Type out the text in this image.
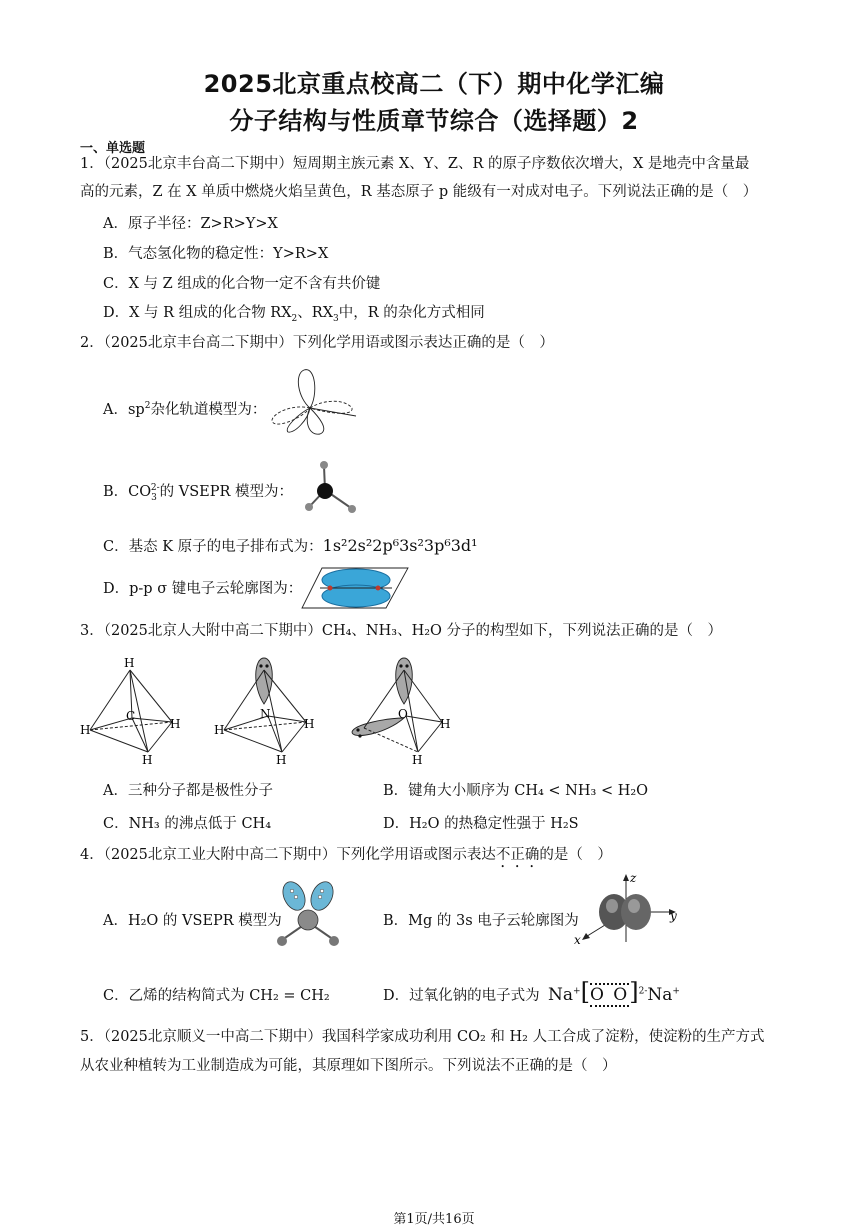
2025北京重点校高二（下）期中化学汇编
分子结构与性质章节综合（选择题）2
一、单选题
1．（2025北京丰台高二下期中）短周期主族元素 X、Y、Z、R 的原子序数依次增大，X 是地壳中含量最
高的元素，Z 在 X 单质中燃烧火焰呈黄色，R 基态原子 p 能级有一对成对电子。下列说法正确的是（　）
A．原子半径：Z>R>Y>X
B．气态氢化物的稳定性：Y>R>X
C．X 与 Z 组成的化合物一定不含有共价键
D．X 与 R 组成的化合物 $RX_2$、$RX_3$中，R 的杂化方式相同
2．（2025北京丰台高二下期中）下列化学用语或图示表达正确的是（　）
A．$sp^2$杂化轨道模型为：
B．$CO_3^{2-}$的 VSEPR 模型为：
C．基态 K 原子的电子排布式为：1s²2s²2p⁶3s²3p⁶3d¹
D．p-p σ 键电子云轮廓图为：
3．（2025北京人大附中高二下期中）CH₄、NH₃、H₂O 分子的构型如下，下列说法正确的是（　）
H
H	H
H
C
H	H
H
N
H
H
O
A．三种分子都是极性分子	B．键角大小顺序为 CH₄ < NH₃ < H₂O
C．NH₃ 的沸点低于 CH₄	D．H₂O 的热稳定性强于 H₂S
4．（2025北京工业大附中高二下期中）下列化学用语或图示表达不正确的是（　）
A．H₂O 的 VSEPR 模型为	B．Mg 的 3s 电子云轮廓图为
z
y
x
C．乙烯的结构简式为 CH₂ = CH₂	D．过氧化钠的电子式为 Na+[O O]$^{2-}$Na+
5．（2025北京顺义一中高二下期中）我国科学家成功利用 CO₂ 和 H₂ 人工合成了淀粉，使淀粉的生产方式
从农业种植转为工业制造成为可能，其原理如下图所示。下列说法不正确的是（　）
第1页/共16页
